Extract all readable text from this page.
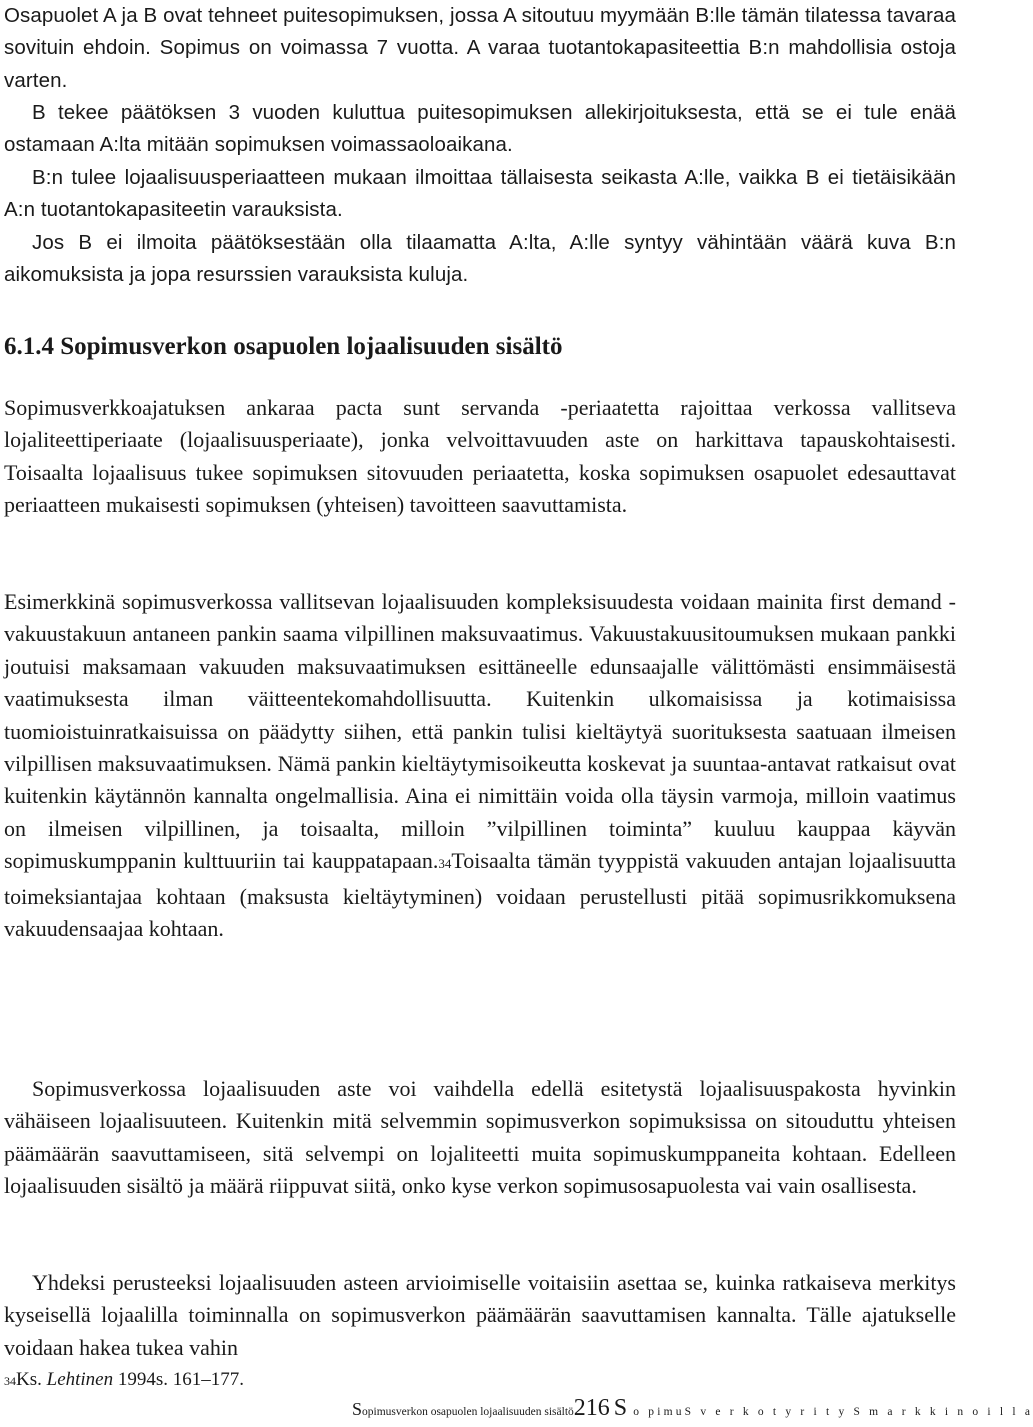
Osapuolet A ja B ovat tehneet puitesopimuksen, jossa A sitoutuu myymään B:lle tämän tilatessa tavaraa sovituin ehdoin. Sopimus on voimassa 7 vuotta. A varaa tuotantokapasiteettia B:n mahdollisia ostoja varten.

B tekee päätöksen 3 vuoden kuluttua puitesopimuksen allekirjoituksesta, että se ei tule enää ostamaan A:lta mitään sopimuksen voimassaoloaikana.

B:n tulee lojaalisuusperiaatteen mukaan ilmoittaa tällaisesta seikasta A:lle, vaikka B ei tietäisikään A:n tuotantokapasiteetin varauksista.

Jos B ei ilmoita päätöksestään olla tilaamatta A:lta, A:lle syntyy vähintään väärä kuva B:n aikomuksista ja jopa resurssien varauksista kuluja.

6.1.4 Sopimusverkon osapuolen lojaalisuuden sisältö

Sopimusverkkoajatuksen ankaraa pacta sunt servanda -periaatetta rajoittaa verkossa vallitseva lojaliteettiperiaate (lojaalisuusperiaate), jonka velvoittavuuden aste on harkittava tapauskohtaisesti. Toisaalta lojaalisuus tukee sopimuksen sitovuuden periaatetta, koska sopimuksen osapuolet edesauttavat periaatteen mukaisesti sopimuksen (yhteisen) tavoitteen saavuttamista.

Esimerkkinä sopimusverkossa vallitsevan lojaalisuuden kompleksisuudesta voidaan mainita first demand -vakuustakuun antaneen pankin saama vilpillinen maksuvaatimus. Vakuustakuusitoumuksen mukaan pankki joutuisi maksamaan vakuuden maksuvaatimuksen esittäneelle edunsaajalle välittömästi ensimmäisestä vaatimuksesta ilman väitteentekomahdollisuutta. Kuitenkin ulkomaisissa ja kotimaisissa tuomioistuinratkaisuissa on päädytty siihen, että pankin tulisi kieltäytyä suorituksesta saatuaan ilmeisen vilpillisen maksuvaatimuksen. Nämä pankin kieltäytymisoikeutta koskevat ja suuntaa-antavat ratkaisut ovat kuitenkin käytännön kannalta ongelmallisia. Aina ei nimittäin voida olla täysin varmoja, milloin vaatimus on ilmeisen vilpillinen, ja toisaalta, milloin ”vilpillinen toiminta” kuuluu kauppaa käyvän sopimuskumppanin kulttuuriin tai kauppatapaan.34Toisaalta tämän tyyppistä vakuuden antajan lojaalisuutta toimeksiantajaa kohtaan (maksusta kieltäytyminen) voidaan perustellusti pitää sopimusrikkomuksena vakuudensaajaa kohtaan.

Sopimusverkossa lojaalisuuden aste voi vaihdella edellä esitetystä lojaalisuuspakosta hyvinkin vähäiseen lojaalisuuteen. Kuitenkin mitä selvemmin sopimusverkon sopimuksissa on sitouduttu yhteisen päämäärän saavuttamiseen, sitä selvempi on lojaliteetti muita sopimuskumppaneita kohtaan. Edelleen lojaalisuuden sisältö ja määrä riippuvat siitä, onko kyse verkon sopimusosapuolesta vai vain osallisesta.

Yhdeksi perusteeksi lojaalisuuden asteen arvioimiselle voitaisiin asettaa se, kuinka ratkaiseva merkitys kyseisellä lojaalilla toiminnalla on sopimusverkon päämäärän saavuttamisen kannalta. Tälle ajatukselle voidaan hakea tukea vahin

34Ks. Lehtinen 1994s. 161–177.
Sopimusverkon osapuolen lojaalisuuden sisältö216 S o pimuS v e r k o t y r i t y S m a r k k i n o i l l a
